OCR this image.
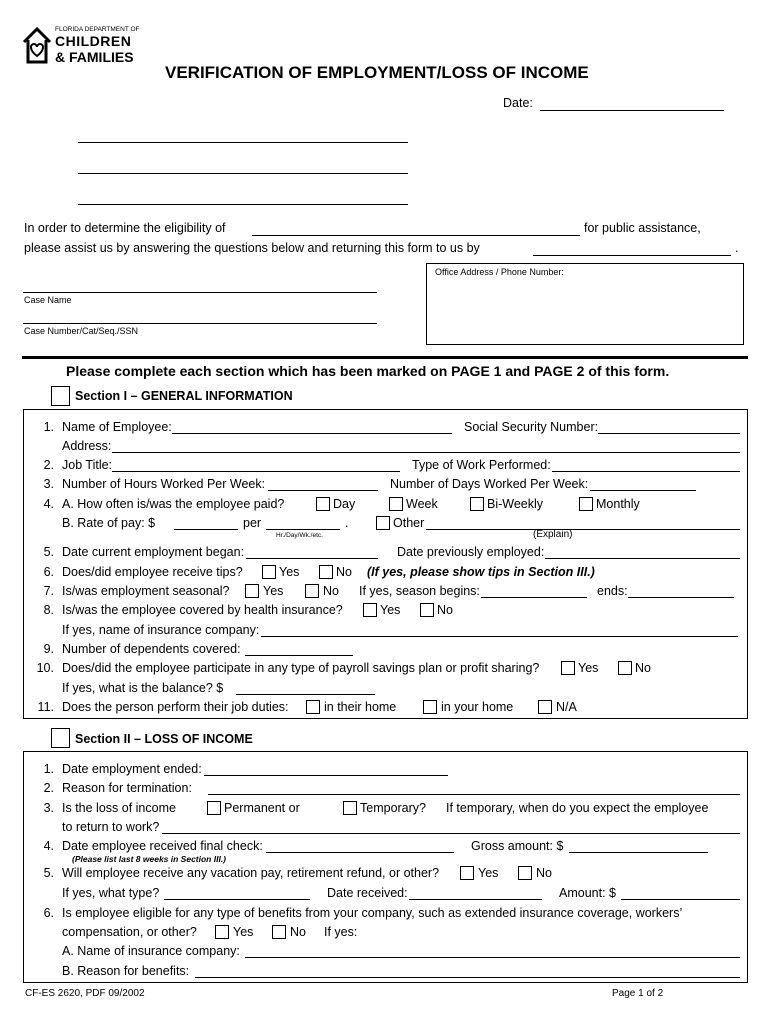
FLORIDA DEPARTMENT OF
CHILDREN
& FAMILIES
VERIFICATION OF EMPLOYMENT/LOSS OF INCOME
Date:
In order to determine the eligibility of	for public assistance,
please assist us by answering the questions below and returning this form to us by	.
Office Address / Phone Number:
Case Name
Case Number/Cat/Seq./SSN
Please complete each section which has been marked on PAGE 1 and PAGE 2 of this form.
Section I – GENERAL INFORMATION
1. Name of Employee:	Social Security Number:
Address:
2. Job Title:	Type of Work Performed:
3. Number of Hours Worked Per Week:	Number of Days Worked Per Week:
4. A. How often is/was the employee paid?	Day	Week	Bi-Weekly	Monthly
B. Rate of pay: $	per	.
Hr./Day/Wk./etc.
Other
(Explain)
5. Date current employment began:	Date previously employed:
6. Does/did employee receive tips?	Yes	No (If yes, please show tips in Section III.)
7. Is/was employment seasonal?	Yes	No If yes, season begins:	ends:
8. Is/was the employee covered by health insurance?	Yes	No
If yes, name of insurance company:
9. Number of dependents covered:
10. Does/did the employee participate in any type of payroll savings plan or profit sharing?	Yes	No
If yes, what is the balance? $
11. Does the person perform their job duties:	in their home	in your home	N/A
Section II – LOSS OF INCOME
1. Date employment ended:
2. Reason for termination:
3. Is the loss of income	Permanent or	Temporary? If temporary, when do you expect the employee
to return to work?
4. Date employee received final check:	Gross amount: $
(Please list last 8 weeks in Section III.)
5. Will employee receive any vacation pay, retirement refund, or other?	Yes	No
If yes, what type?	Date received:	Amount: $
6. Is employee eligible for any type of benefits from your company, such as extended insurance coverage, workers’
compensation, or other?	Yes	No If yes:
A. Name of insurance company:
B. Reason for benefits:
CF-ES 2620, PDF 09/2002	Page 1 of 2
